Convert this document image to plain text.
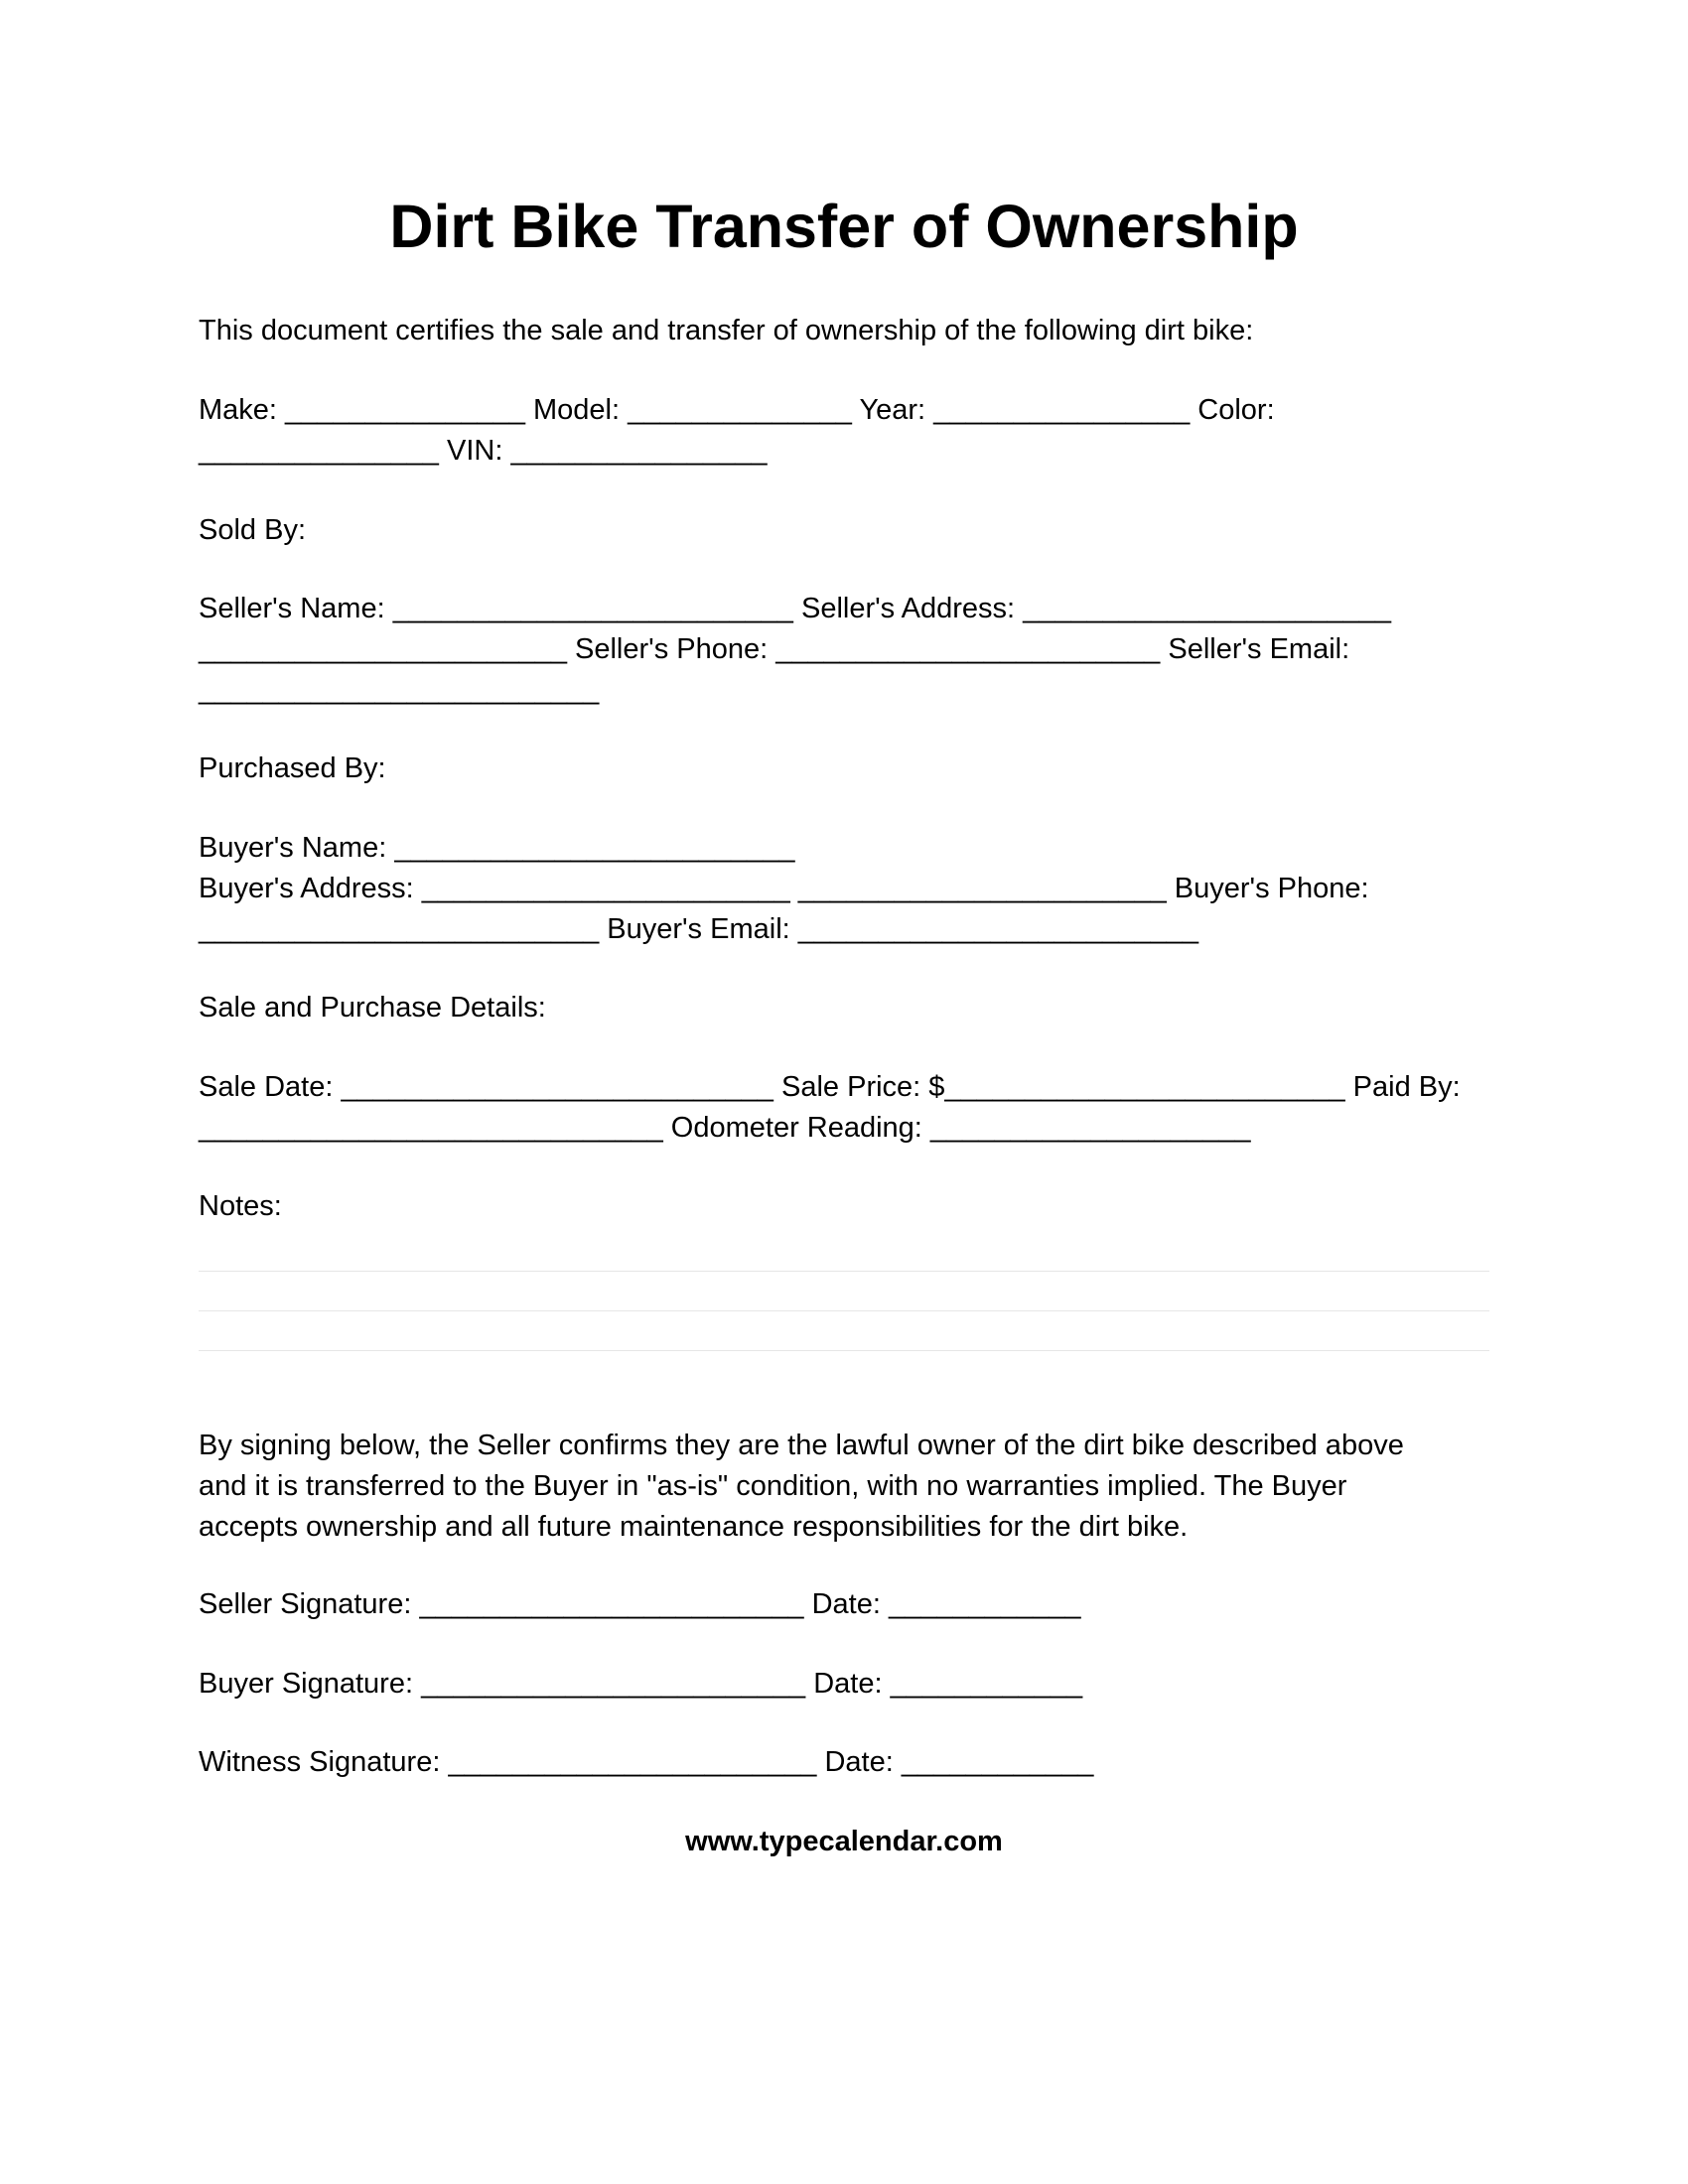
Dirt Bike Transfer of Ownership

This document certifies the sale and transfer of ownership of the following dirt bike:

Make: _______________ Model: ______________ Year: ________________ Color:
_______________ VIN: ________________

Sold By:

Seller's Name: _________________________ Seller's Address: _______________________
_______________________ Seller's Phone: ________________________ Seller's Email:
_________________________

Purchased By:

Buyer's Name: _________________________
Buyer's Address: _______________________ _______________________ Buyer's Phone:
_________________________ Buyer's Email: _________________________

Sale and Purchase Details:

Sale Date: ___________________________ Sale Price: $_________________________ Paid By:
_____________________________ Odometer Reading: ____________________

Notes:

By signing below, the Seller confirms they are the lawful owner of the dirt bike described above
and it is transferred to the Buyer in "as-is" condition, with no warranties implied. The Buyer
accepts ownership and all future maintenance responsibilities for the dirt bike.

Seller Signature: ________________________ Date: ____________

Buyer Signature: ________________________ Date: ____________

Witness Signature: _______________________ Date: ____________

www.typecalendar.com
